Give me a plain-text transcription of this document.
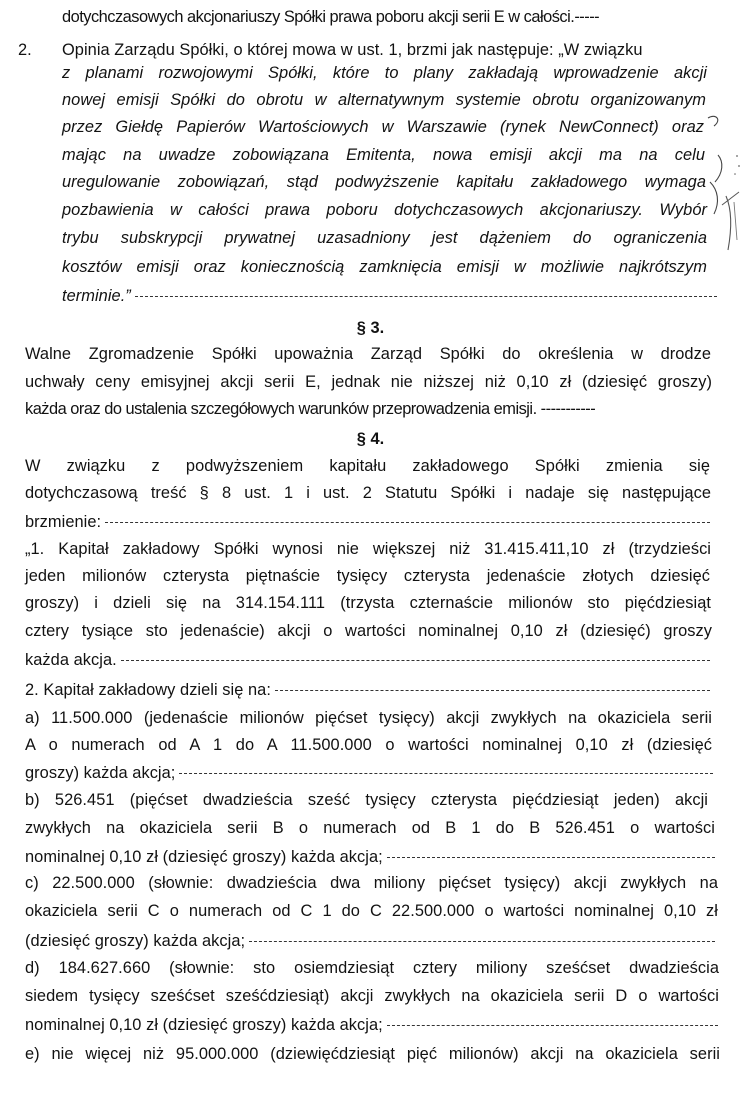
dotychczasowych akcjonariuszy Spółki prawa poboru akcji serii E w całości.-----
2. Opinia Zarządu Spółki, o której mowa w ust. 1, brzmi jak następuje: „W związku
z planami rozwojowymi Spółki, które to plany zakładają wprowadzenie akcji
nowej emisji Spółki do obrotu w alternatywnym systemie obrotu organizowanym
przez Giełdę Papierów Wartościowych w Warszawie (rynek NewConnect) oraz
mając na uwadze zobowiązana Emitenta, nowa emisji akcji ma na celu
uregulowanie zobowiązań, stąd podwyższenie kapitału zakładowego wymaga
pozbawienia w całości prawa poboru dotychczasowych akcjonariuszy. Wybór
trybu subskrypcji prywatnej uzasadniony jest dążeniem do ograniczenia
kosztów emisji oraz koniecznością zamknięcia emisji w możliwie najkrótszym
terminie.”
§ 3.
Walne Zgromadzenie Spółki upoważnia Zarząd Spółki do określenia w drodze
uchwały ceny emisyjnej akcji serii E, jednak nie niższej niż 0,10 zł (dziesięć groszy)
każda oraz do ustalenia szczegółowych warunków przeprowadzenia emisji. -----------
§ 4.
W związku z podwyższeniem kapitału zakładowego Spółki zmienia się
dotychczasową treść § 8 ust. 1 i ust. 2 Statutu Spółki i nadaje się następujące
brzmienie:
„1. Kapitał zakładowy Spółki wynosi nie większej niż 31.415.411,10 zł (trzydzieści
jeden milionów czterysta piętnaście tysięcy czterysta jedenaście złotych dziesięć
groszy) i dzieli się na 314.154.111 (trzysta czternaście milionów sto pięćdziesiąt
cztery tysiące sto jedenaście) akcji o wartości nominalnej 0,10 zł (dziesięć) groszy
każda akcja.
2. Kapitał zakładowy dzieli się na:
a) 11.500.000 (jedenaście milionów pięćset tysięcy) akcji zwykłych na okaziciela serii
A o numerach od A 1 do A 11.500.000 o wartości nominalnej 0,10 zł (dziesięć
groszy) każda akcja;
b) 526.451 (pięćset dwadzieścia sześć tysięcy czterysta pięćdziesiąt jeden) akcji
zwykłych na okaziciela serii B o numerach od B 1 do B 526.451 o wartości
nominalnej 0,10 zł (dziesięć groszy) każda akcja;
c) 22.500.000 (słownie: dwadzieścia dwa miliony pięćset tysięcy) akcji zwykłych na
okaziciela serii C o numerach od C 1 do C 22.500.000 o wartości nominalnej 0,10 zł
(dziesięć groszy) każda akcja;
d) 184.627.660 (słownie: sto osiemdziesiąt cztery miliony sześćset dwadzieścia
siedem tysięcy sześćset sześćdziesiąt) akcji zwykłych na okaziciela serii D o wartości
nominalnej 0,10 zł (dziesięć groszy) każda akcja;
e) nie więcej niż 95.000.000 (dziewięćdziesiąt pięć milionów) akcji na okaziciela serii
